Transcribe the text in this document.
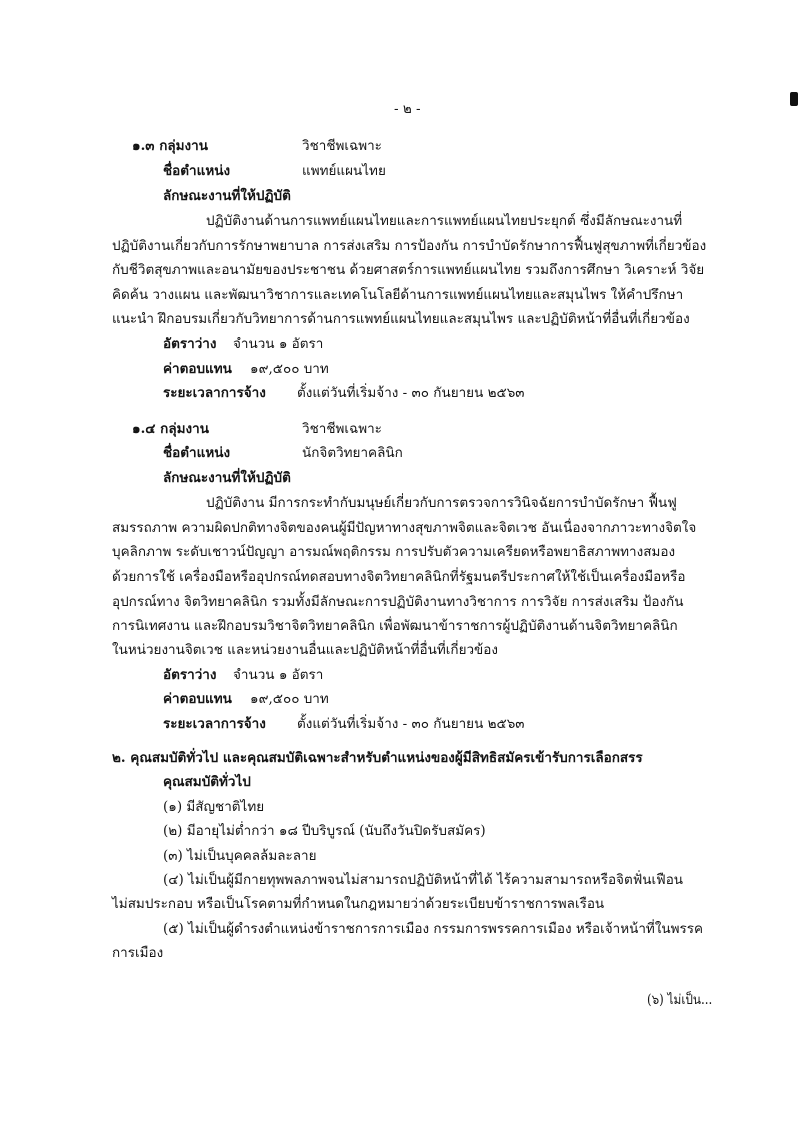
- ๒ -
๑.๓ กลุ่มงาน	วิชาชีพเฉพาะ
ชื่อตำแหน่ง	แพทย์แผนไทย
ลักษณะงานที่ให้ปฏิบัติ
ปฏิบัติงานด้านการแพทย์แผนไทยและการแพทย์แผนไทยประยุกต์ ซึ่งมีลักษณะงานที่
ปฏิบัติงานเกี่ยวกับการรักษาพยาบาล การส่งเสริม การป้องกัน การบำบัดรักษาการฟื้นฟูสุขภาพที่เกี่ยวข้อง
กับชีวิตสุขภาพและอนามัยของประชาชน ด้วยศาสตร์การแพทย์แผนไทย รวมถึงการศึกษา วิเคราะห์ วิจัย
คิดค้น วางแผน และพัฒนาวิชาการและเทคโนโลยีด้านการแพทย์แผนไทยและสมุนไพร ให้คำปรึกษา
แนะนำ ฝึกอบรมเกี่ยวกับวิทยาการด้านการแพทย์แผนไทยและสมุนไพร และปฏิบัติหน้าที่อื่นที่เกี่ยวข้อง
อัตราว่าง จำนวน ๑ อัตรา
ค่าตอบแทน ๑๙,๕๐๐ บาท
ระยะเวลาการจ้าง ตั้งแต่วันที่เริ่มจ้าง - ๓๐ กันยายน ๒๕๖๓
๑.๔ กลุ่มงาน	วิชาชีพเฉพาะ
ชื่อตำแหน่ง	นักจิตวิทยาคลินิก
ลักษณะงานที่ให้ปฏิบัติ
ปฏิบัติงาน มีการกระทำกับมนุษย์เกี่ยวกับการตรวจการวินิจฉัยการบำบัดรักษา ฟื้นฟู
สมรรถภาพ ความผิดปกติทางจิตของคนผู้มีปัญหาทางสุขภาพจิตและจิตเวช อันเนื่องจากภาวะทางจิตใจ
บุคลิกภาพ ระดับเชาวน์ปัญญา อารมณ์พฤติกรรม การปรับตัวความเครียดหรือพยาธิสภาพทางสมอง
ด้วยการใช้ เครื่องมือหรืออุปกรณ์ทดสอบทางจิตวิทยาคลินิกที่รัฐมนตรีประกาศให้ใช้เป็นเครื่องมือหรือ
อุปกรณ์ทาง จิตวิทยาคลินิก รวมทั้งมีลักษณะการปฏิบัติงานทางวิชาการ การวิจัย การส่งเสริม ป้องกัน
การนิเทศงาน และฝึกอบรมวิชาจิตวิทยาคลินิก เพื่อพัฒนาข้าราชการผู้ปฏิบัติงานด้านจิตวิทยาคลินิก
ในหน่วยงานจิตเวช และหน่วยงานอื่นและปฏิบัติหน้าที่อื่นที่เกี่ยวข้อง
อัตราว่าง จำนวน ๑ อัตรา
ค่าตอบแทน ๑๙,๕๐๐ บาท
ระยะเวลาการจ้าง ตั้งแต่วันที่เริ่มจ้าง - ๓๐ กันยายน ๒๕๖๓
๒. คุณสมบัติทั่วไป และคุณสมบัติเฉพาะสำหรับตำแหน่งของผู้มีสิทธิสมัครเข้ารับการเลือกสรร
คุณสมบัติทั่วไป
(๑) มีสัญชาติไทย
(๒) มีอายุไม่ต่ำกว่า ๑๘ ปีบริบูรณ์ (นับถึงวันปิดรับสมัคร)
(๓) ไม่เป็นบุคคลล้มละลาย
(๔) ไม่เป็นผู้มีกายทุพพลภาพจนไม่สามารถปฏิบัติหน้าที่ได้ ไร้ความสามารถหรือจิตฟั่นเฟือน
ไม่สมประกอบ หรือเป็นโรคตามที่กำหนดในกฎหมายว่าด้วยระเบียบข้าราชการพลเรือน
(๕) ไม่เป็นผู้ดำรงตำแหน่งข้าราชการการเมือง กรรมการพรรคการเมือง หรือเจ้าหน้าที่ในพรรค
การเมือง
(๖) ไม่เป็น...
